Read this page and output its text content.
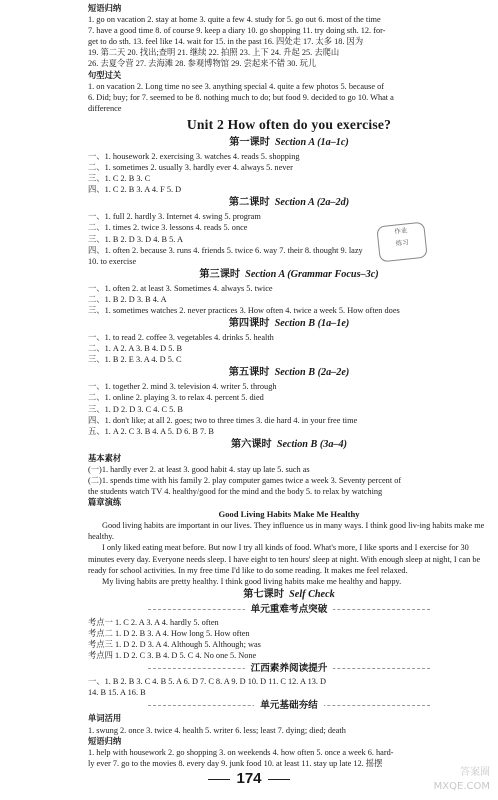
短语归纳
1. go on vacation 2. stay at home 3. quite a few 4. study for 5. go out 6. most of the time
7. have a good time 8. of course 9. keep a diary 10. go shopping 11. try doing sth. 12. for-
get to do sth. 13. feel like 14. wait for 15. in the past 16. 四处走 17. 太多 18. 因为
19. 第二天 20. 找出;查明 21. 继续 22. 拍照 23. 上下 24. 升起 25. 去爬山
26. 去夏令营 27. 去海滩 28. 参观博物馆 29. 尝起来不错 30. 玩儿
句型过关
1. on vacation 2. Long time no see 3. anything special 4. quite a few photos 5. because of
6. Did; buy; for 7. seemed to be 8. nothing much to do; but food 9. decided to go 10. What a
difference
Unit 2 How often do you exercise?
第一课时 Section A (1a–1c)
一、1. housework 2. exercising 3. watches 4. reads 5. shopping
二、1. sometimes 2. usually 3. hardly ever 4. always 5. never
三、1. C 2. B 3. C
四、1. C 2. B 3. A 4. F 5. D
第二课时 Section A (2a–2d)
一、1. full 2. hardly 3. Internet 4. swing 5. program
二、1. times 2. twice 3. lessons 4. reads 5. once
三、1. B 2. D 3. D 4. B 5. A
四、1. often 2. because 3. runs 4. friends 5. twice 6. way 7. their 8. thought 9. lazy
10. to exercise
第三课时 Section A (Grammar Focus–3c)
一、1. often 2. at least 3. Sometimes 4. always 5. twice
二、1. B 2. D 3. B 4. A
三、1. sometimes watches 2. never practices 3. How often 4. twice a week 5. How often does
第四课时 Section B (1a–1e)
一、1. to read 2. coffee 3. vegetables 4. drinks 5. health
二、1. A 2. A 3. B 4. D 5. B
三、1. B 2. E 3. A 4. D 5. C
第五课时 Section B (2a–2e)
一、1. together 2. mind 3. television 4. writer 5. through
二、1. online 2. playing 3. to relax 4. percent 5. died
三、1. D 2. D 3. C 4. C 5. B
四、1. don't like; at all 2. goes; two to three times 3. die hard 4. in your free time
五、1. A 2. C 3. B 4. A 5. D 6. B 7. B
第六课时 Section B (3a–4)
基本素材
(一)1. hardly ever 2. at least 3. good habit 4. stay up late 5. such as
(二)1. spends time with his family 2. play computer games twice a week 3. Seventy percent of
the students watch TV 4. healthy/good for the mind and the body 5. to relax by watching
篇章演练
Good Living Habits Make Me Healthy
Good living habits are important in our lives. They influence us in many ways. I think good liv-ing habits make me healthy.
I only liked eating meat before. But now I try all kinds of food. What's more, I like sports and I exercise for 30 minutes every day. Everyone needs sleep. I have eight to ten hours' sleep at night. With enough sleep at night, I can be ready for school activities. In my free time I'd like to do some reading. It makes me feel relaxed.
My living habits are pretty healthy. I think good living habits make me healthy and happy.
第七课时 Self Check
单元重难考点突破
考点一 1. C 2. A 3. A 4. hardly 5. often
考点二 1. D 2. B 3. A 4. How long 5. How often
考点三 1. D 2. D 3. A 4. Although 5. Although; was
考点四 1. D 2. C 3. B 4. D 5. C 4. No one 5. None
江西素养阅读提升
一、1. B 2. B 3. C 4. B 5. A 6. D 7. C 8. A 9. D 10. D 11. C 12. A 13. D
14. B 15. A 16. B
单元基础夯结
单词活用
1. swung 2. once 3. twice 4. health 5. writer 6. less; least 7. dying; died; death
短语归纳
1. help with housework 2. go shopping 3. on weekends 4. how often 5. once a week 6. hard-
ly ever 7. go to the movies 8. every day 9. junk food 10. at least 11. stay up late 12. 摇摆
作业
练习
174	答案圈 MXQE.COM
